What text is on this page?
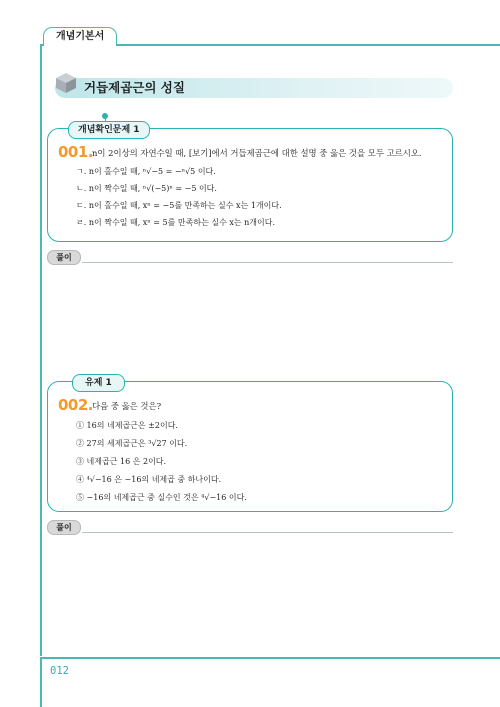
개념기본서
거듭제곱근의 성질
개념확인문제 1
001.
n이 2이상의 자연수일 때, [보기]에서 거듭제곱근에 대한 설명 중 옳은 것을 모두 고르시오.
ㄱ. n이 홀수일 때, ⁿ√−5 = −ⁿ√5 이다.
ㄴ. n이 짝수일 때, ⁿ√(−5)ⁿ = −5 이다.
ㄷ. n이 홀수일 때, xⁿ = −5를 만족하는 실수 x는 1개이다.
ㄹ. n이 짝수일 때, xⁿ = 5를 만족하는 실수 x는 n개이다.
풀이
유제 1
002.
다음 중 옳은 것은?
① 16의 네제곱근은 ±2이다.
② 27의 세제곱근은 ³√27 이다.
③ 네제곱근 16 은 2이다.
④ ⁴√−16 은 −16의 네제곱 중 하나이다.
⑤ −16의 네제곱근 중 실수인 것은 ⁴√−16 이다.
풀이
012
